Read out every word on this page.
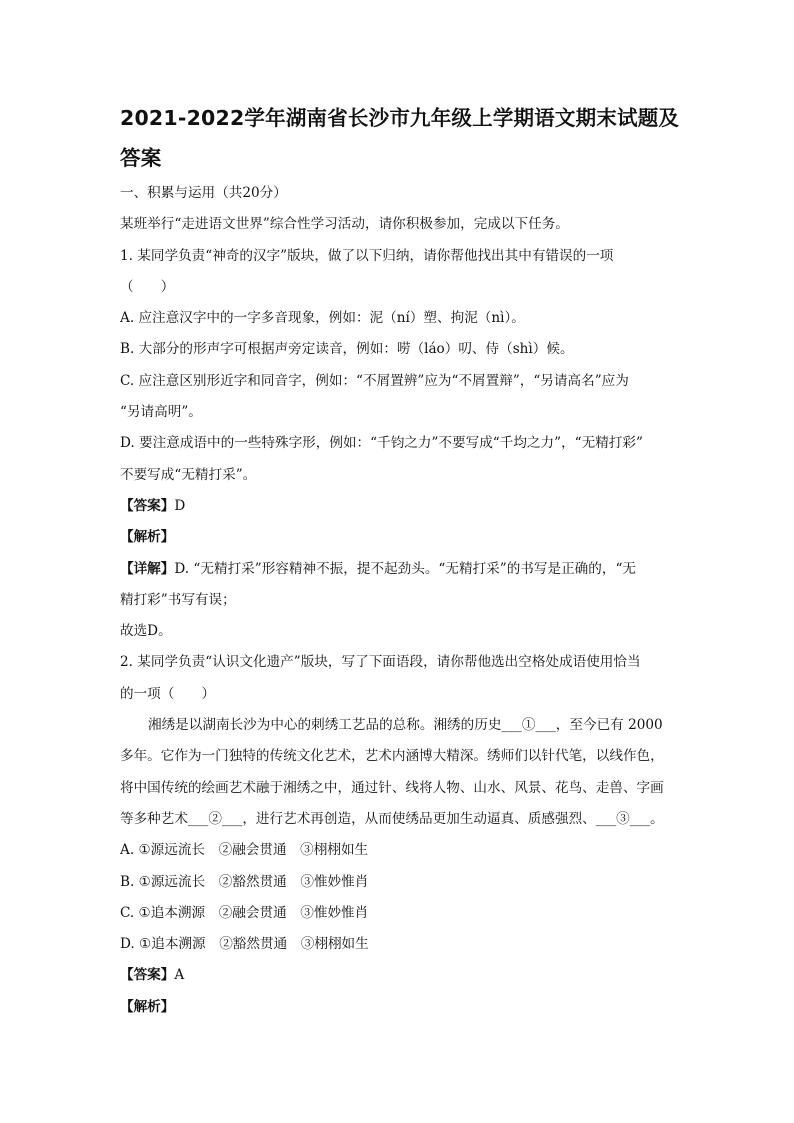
2021-2022学年湖南省长沙市九年级上学期语文期末试题及
答案

一、积累与运用（共20分）

某班举行“走进语文世界”综合性学习活动，请你积极参加，完成以下任务。

1. 某同学负责“神奇的汉字”版块，做了以下归纳，请你帮他找出其中有错误的一项

（　　）

A. 应注意汉字中的一字多音现象，例如：泥（ní）塑、拘泥（nì）。

B. 大部分的形声字可根据声旁定读音，例如：唠（láo）叨、侍（shì）候。

C. 应注意区别形近字和同音字，例如：“不屑置辨”应为“不屑置辩”，“另请高名”应为

“另请高明”。

D. 要注意成语中的一些特殊字形，例如：“千钧之力”不要写成“千均之力”，“无精打彩”

不要写成“无精打采”。

【答案】D

【解析】

【详解】D. “无精打采”形容精神不振，提不起劲头。“无精打采”的书写是正确的，“无

精打彩”书写有误；

故选D。

2. 某同学负责“认识文化遗产”版块，写了下面语段，请你帮他选出空格处成语使用恰当

的一项（　　）

湘绣是以湖南长沙为中心的刺绣工艺品的总称。湘绣的历史___①___，至今已有 2000

多年。它作为一门独特的传统文化艺术，艺术内涵博大精深。绣师们以针代笔，以线作色，

将中国传统的绘画艺术融于湘绣之中，通过针、线将人物、山水、风景、花鸟、走兽、字画

等多种艺术___②___，进行艺术再创造，从而使绣品更加生动逼真、质感强烈、___③___。

A. ①源远流长　②融会贯通　③栩栩如生

B. ①源远流长　②豁然贯通　③惟妙惟肖

C. ①追本溯源　②融会贯通　③惟妙惟肖

D. ①追本溯源　②豁然贯通　③栩栩如生

【答案】A

【解析】
